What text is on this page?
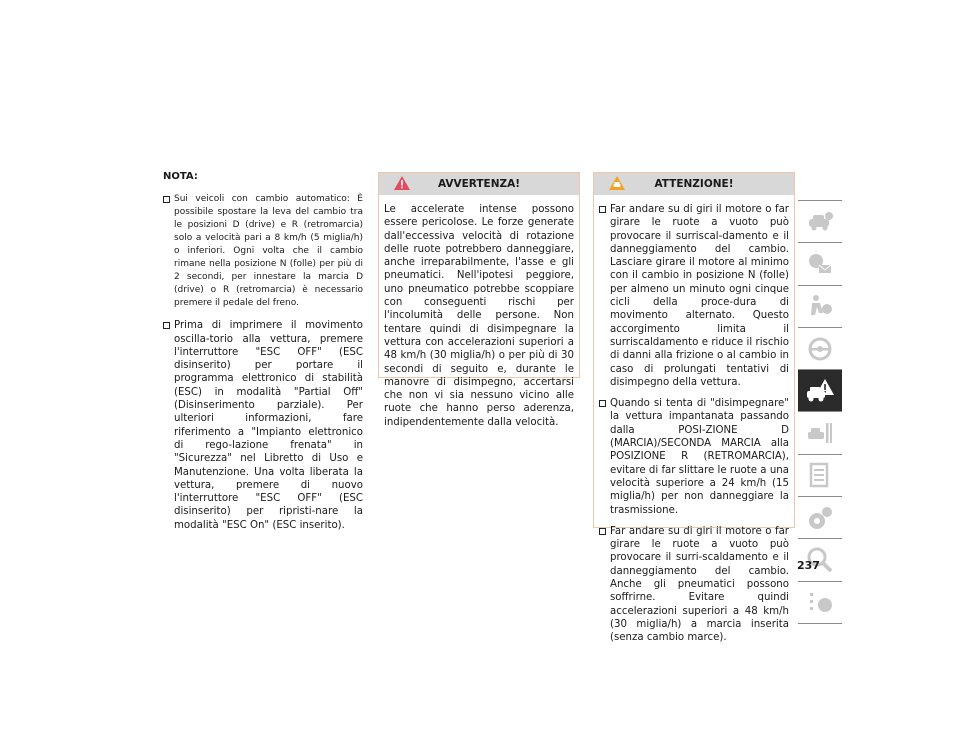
NOTA:
Sui veicoli con cambio automatico: È possibile spostare la leva del cambio tra le posizioni D (drive) e R (retromarcia) solo a velocità pari a 8 km/h (5 miglia/h) o inferiori. Ogni volta che il cambio rimane nella posizione N (folle) per più di 2 secondi, per innestare la marcia D (drive) o R (retromarcia) è necessario premere il pedale del freno.
Prima di imprimere il movimento oscilla-torio alla vettura, premere l'interruttore "ESC OFF" (ESC disinserito) per portare il programma elettronico di stabilità (ESC) in modalità "Partial Off" (Disinserimento parziale). Per ulteriori informazioni, fare riferimento a "Impianto elettronico di rego-lazione frenata" in "Sicurezza" nel Libretto di Uso e Manutenzione. Una volta liberata la vettura, premere di nuovo l'interruttore "ESC OFF" (ESC disinserito) per ripristi-nare la modalità "ESC On" (ESC inserito).
AVVERTENZA!
Le accelerate intense possono essere pericolose. Le forze generate dall'eccessiva velocità di rotazione delle ruote potrebbero danneggiare, anche irreparabilmente, l'asse e gli pneumatici. Nell'ipotesi peggiore, uno pneumatico potrebbe scoppiare con conseguenti rischi per l'incolumità delle persone. Non tentare quindi di disimpegnare la vettura con accelerazioni superiori a 48 km/h (30 miglia/h) o per più di 30 secondi di seguito e, durante le manovre di disimpegno, accertarsi che non vi sia nessuno vicino alle ruote che hanno perso aderenza, indipendentemente dalla velocità.
ATTENZIONE!
Far andare su di giri il motore o far girare le ruote a vuoto può provocare il surriscal-damento e il danneggiamento del cambio. Lasciare girare il motore al minimo con il cambio in posizione N (folle) per almeno un minuto ogni cinque cicli della proce-dura di movimento alternato. Questo accorgimento limita il surriscaldamento e riduce il rischio di danni alla frizione o al cambio in caso di prolungati tentativi di disimpegno della vettura.
Quando si tenta di "disimpegnare" la vettura impantanata passando dalla POSI-ZIONE D (MARCIA)/SECONDA MARCIA alla POSIZIONE R (RETROMARCIA), evitare di far slittare le ruote a una velocità superiore a 24 km/h (15 miglia/h) per non danneggiare la trasmissione.
Far andare su di giri il motore o far girare le ruote a vuoto può provocare il surri-scaldamento e il danneggiamento del cambio. Anche gli pneumatici possono soffrirne. Evitare quindi accelerazioni superiori a 48 km/h (30 miglia/h) a marcia inserita (senza cambio marce).
237
